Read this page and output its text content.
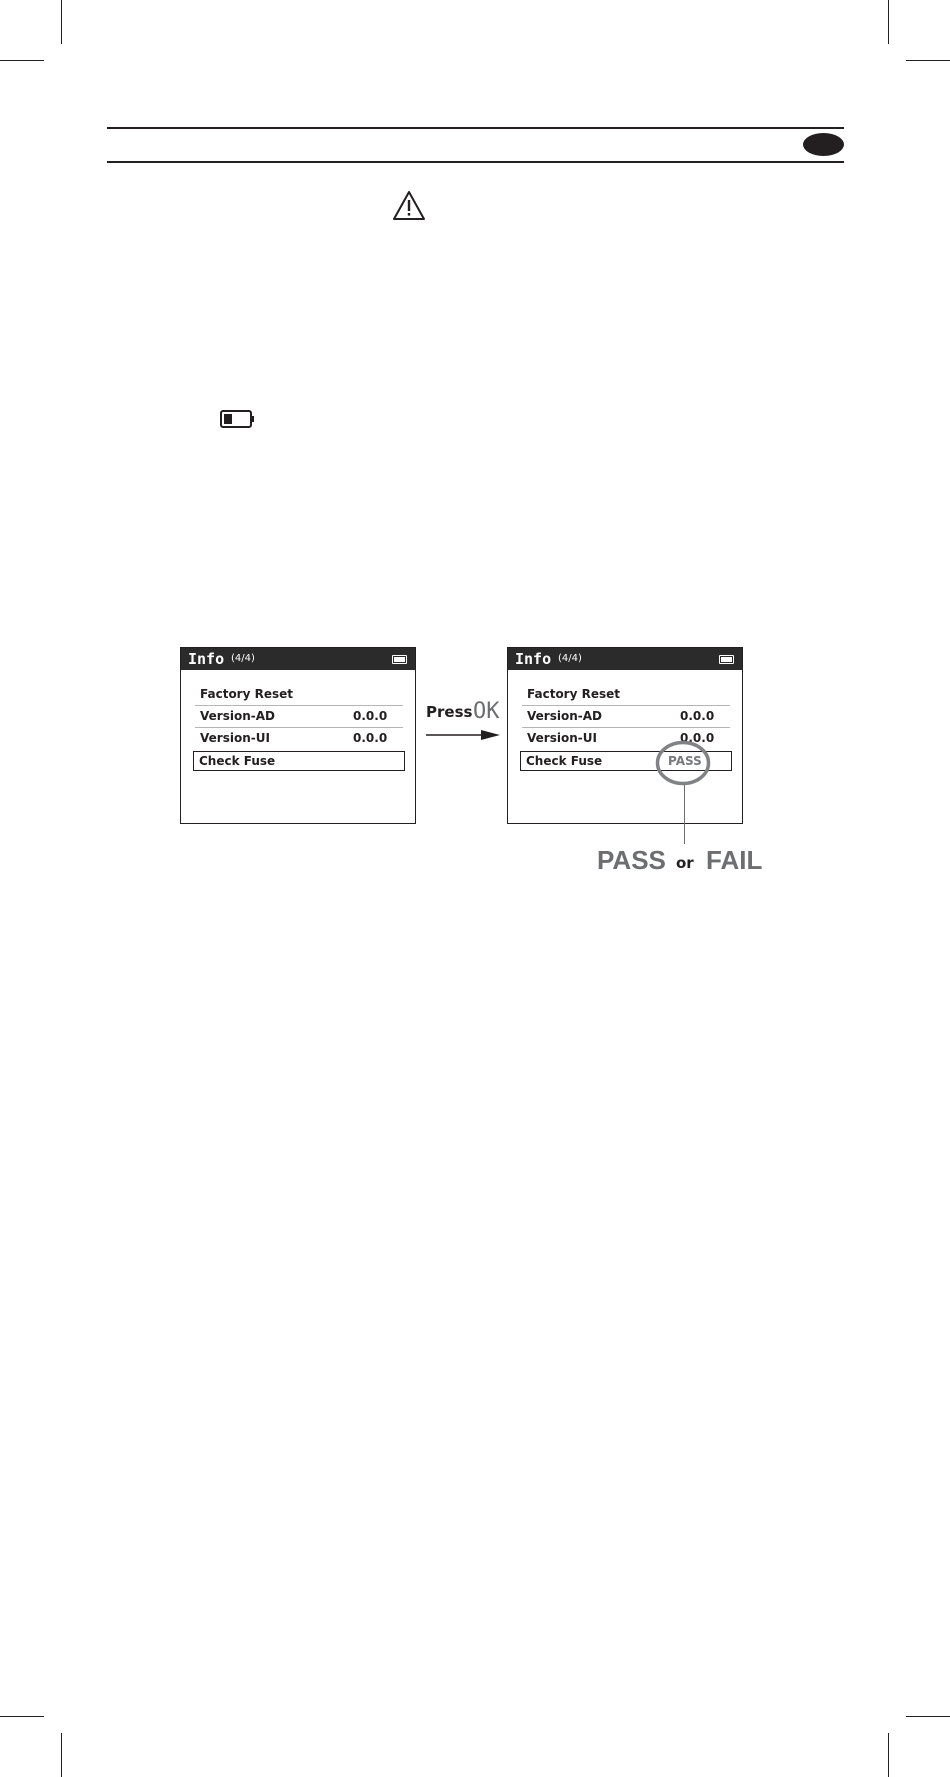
Info (4/4)
Factory Reset
Version-AD	0.0.0
Version-UI	0.0.0
Check Fuse
Press OK
Info (4/4)
Factory Reset
Version-AD	0.0.0
Version-UI	0.0.0
Check Fuse	PASS
PASS or FAIL
